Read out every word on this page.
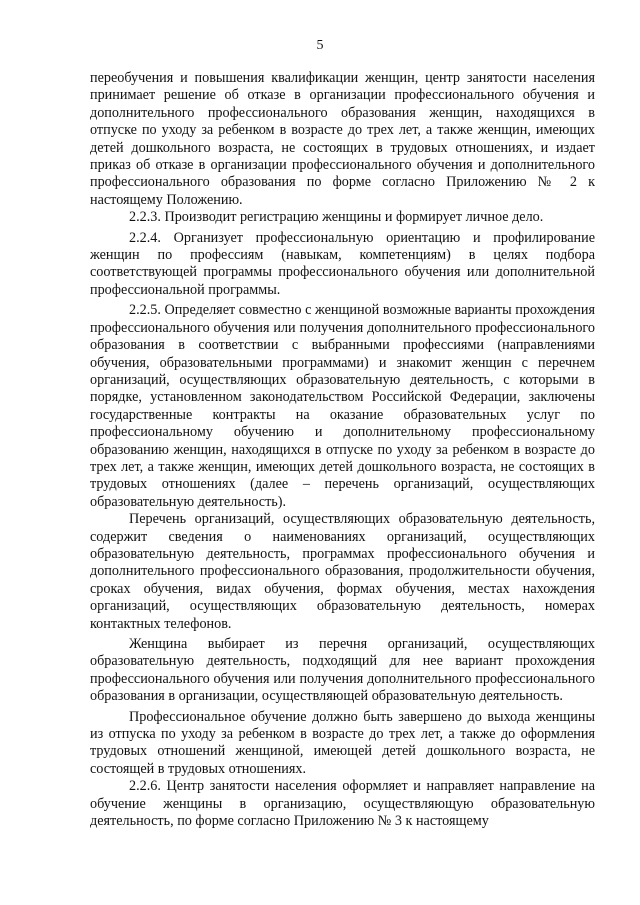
5

переобучения и повышения квалификации женщин, центр занятости населения принимает решение об отказе в организации профессионального обучения и дополнительного профессионального образования женщин, находящихся в отпуске по уходу за ребенком в возрасте до трех лет, а также женщин, имеющих детей дошкольного возраста, не состоящих в трудовых отношениях, и издает приказ об отказе в организации профессионального обучения и дополнительного профессионального образования по форме согласно Приложению № 2 к настоящему Положению.

2.2.3. Производит регистрацию женщины и формирует личное дело.

2.2.4. Организует профессиональную ориентацию и профилирование женщин по профессиям (навыкам, компетенциям) в целях подбора соответствующей программы профессионального обучения или дополнительной профессиональной программы.

2.2.5. Определяет совместно с женщиной возможные варианты прохождения профессионального обучения или получения дополнительного профессионального образования в соответствии с выбранными профессиями (направлениями обучения, образовательными программами) и знакомит женщин с перечнем организаций, осуществляющих образовательную деятельность, с которыми в порядке, установленном законодательством Российской Федерации, заключены государственные контракты на оказание образовательных услуг по профессиональному обучению и дополнительному профессиональному образованию женщин, находящихся в отпуске по уходу за ребенком в возрасте до трех лет, а также женщин, имеющих детей дошкольного возраста, не состоящих в трудовых отношениях (далее – перечень организаций, осуществляющих образовательную деятельность).

Перечень организаций, осуществляющих образовательную деятельность, содержит сведения о наименованиях организаций, осуществляющих образовательную деятельность, программах профессионального обучения и дополнительного профессионального образования, продолжительности обучения, сроках обучения, видах обучения, формах обучения, местах нахождения организаций, осуществляющих образовательную деятельность, номерах контактных телефонов.

Женщина выбирает из перечня организаций, осуществляющих образовательную деятельность, подходящий для нее вариант прохождения профессионального обучения или получения дополнительного профессионального образования в организации, осуществляющей образовательную деятельность.

Профессиональное обучение должно быть завершено до выхода женщины из отпуска по уходу за ребенком в возрасте до трех лет, а также до оформления трудовых отношений женщиной, имеющей детей дошкольного возраста, не состоящей в трудовых отношениях.

2.2.6. Центр занятости населения оформляет и направляет направление на обучение женщины в организацию, осуществляющую образовательную деятельность, по форме согласно Приложению № 3 к настоящему
